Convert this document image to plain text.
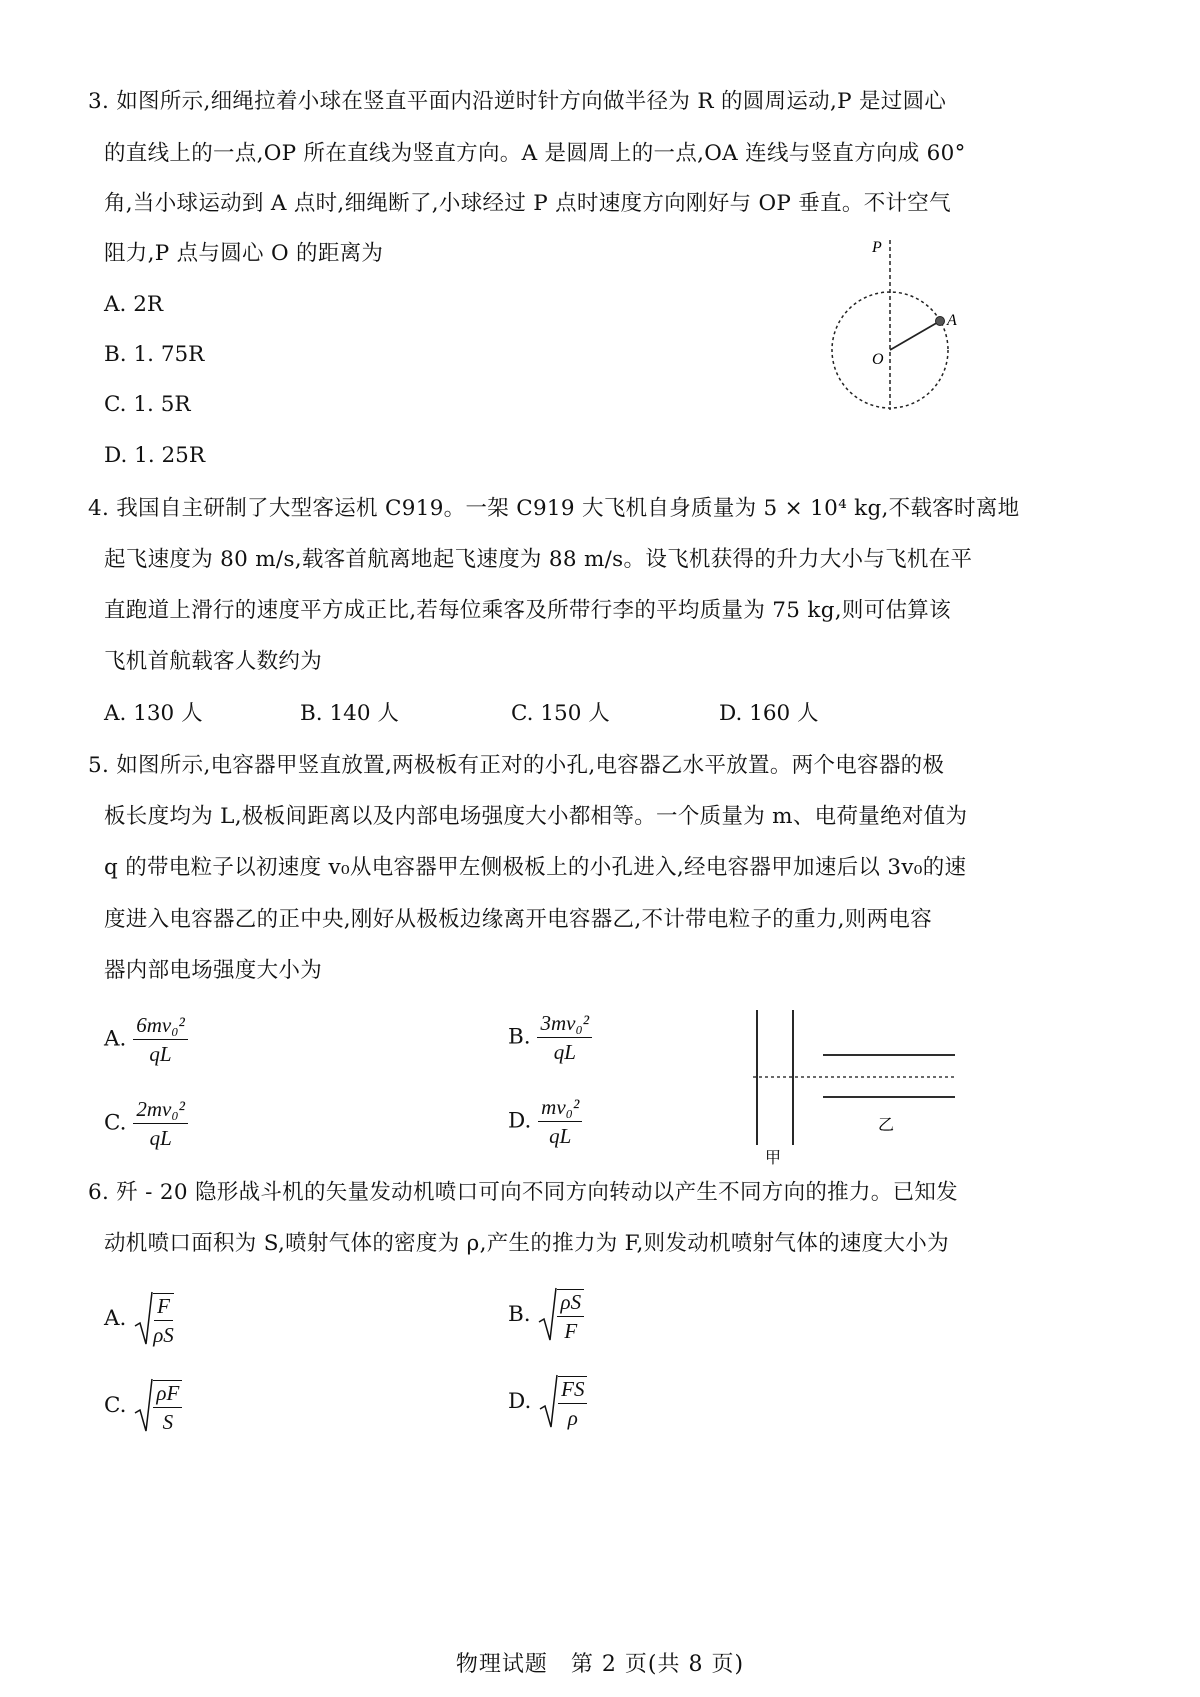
3. 如图所示,细绳拉着小球在竖直平面内沿逆时针方向做半径为 R 的圆周运动,P 是过圆心
的直线上的一点,OP 所在直线为竖直方向。A 是圆周上的一点,OA 连线与竖直方向成 60°
角,当小球运动到 A 点时,细绳断了,小球经过 P 点时速度方向刚好与 OP 垂直。不计空气
阻力,P 点与圆心 O 的距离为
A. 2R
B. 1. 75R
C. 1. 5R
D. 1. 25R
P
A
O
4. 我国自主研制了大型客运机 C919。一架 C919 大飞机自身质量为 5 × 10⁴ kg,不载客时离地
起飞速度为 80 m/s,载客首航离地起飞速度为 88 m/s。设飞机获得的升力大小与飞机在平
直跑道上滑行的速度平方成正比,若每位乘客及所带行李的平均质量为 75 kg,则可估算该
飞机首航载客人数约为
A. 130 人	B. 140 人	C. 150 人	D. 160 人
5. 如图所示,电容器甲竖直放置,两极板有正对的小孔,电容器乙水平放置。两个电容器的极
板长度均为 L,极板间距离以及内部电场强度大小都相等。一个质量为 m、电荷量绝对值为
q 的带电粒子以初速度 v₀从电容器甲左侧极板上的小孔进入,经电容器甲加速后以 3v₀的速
度进入电容器乙的正中央,刚好从极板边缘离开电容器乙,不计带电粒子的重力,则两电容
器内部电场强度大小为
A. $\frac{\text{6mv₀²}}{qL}$	B. $\frac{\text{3mv₀²}}{qL}$
C. $\frac{\text{2mv₀²}}{qL}$	D. $\frac{\text{mv₀²}}{qL}$	乙
甲
6. 歼 - 20 隐形战斗机的矢量发动机喷口可向不同方向转动以产生不同方向的推力。已知发
动机喷口面积为 S,喷射气体的密度为 ρ,产生的推力为 F,则发动机喷射气体的速度大小为
A. $\frac{F}{\rho S}$	B. $\frac{\rho S}{F}$
C. $\frac{\rho F}{S}$	D. $\frac{FS}{\rho}$
物理试题　第 2 页(共 8 页)
